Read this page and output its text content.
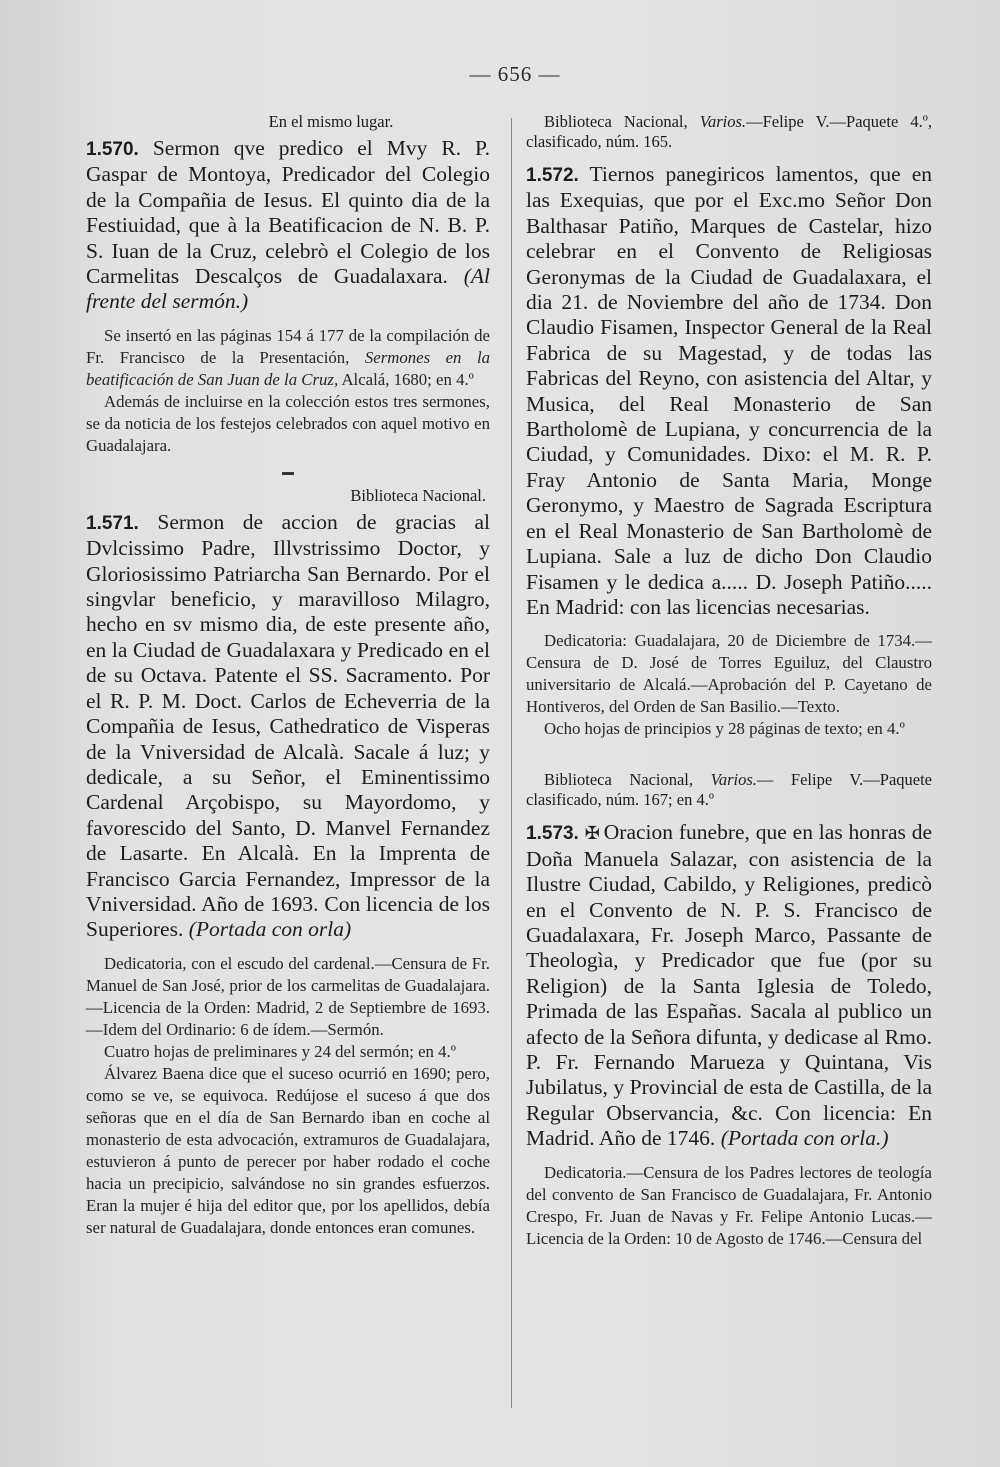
— 656 —

En el mismo lugar.

1.570. Sermon qve predico el Mvy R. P. Gaspar de Montoya, Predicador del Colegio de la Compañia de Iesus. El quinto dia de la Festiuidad, que à la Beatificacion de N. B. P. S. Iuan de la Cruz, celebrò el Colegio de los Carmelitas Descalços de Guadalaxara. (Al frente del sermón.)

Se insertó en las páginas 154 á 177 de la compilación de Fr. Francisco de la Presentación, Sermones en la beatificación de San Juan de la Cruz, Alcalá, 1680; en 4.º

Además de incluirse en la colección estos tres sermones, se da noticia de los festejos celebrados con aquel motivo en Guadalajara.

Biblioteca Nacional.

1.571. Sermon de accion de gracias al Dvlcissimo Padre, Illvstrissimo Doctor, y Gloriosissimo Patriarcha San Bernardo. Por el singvlar beneficio, y maravilloso Milagro, hecho en sv mismo dia, de este presente año, en la Ciudad de Guadalaxara y Predicado en el de su Octava. Patente el SS. Sacramento. Por el R. P. M. Doct. Carlos de Echeverria de la Compañia de Iesus, Cathedratico de Visperas de la Vniversidad de Alcalà. Sacale á luz; y dedicale, a su Señor, el Eminentissimo Cardenal Arçobispo, su Mayordomo, y favorescido del Santo, D. Manvel Fernandez de Lasarte. En Alcalà. En la Imprenta de Francisco Garcia Fernandez, Impressor de la Vniversidad. Año de 1693. Con licencia de los Superiores. (Portada con orla)

Dedicatoria, con el escudo del cardenal.—Censura de Fr. Manuel de San José, prior de los carmelitas de Guadalajara.—Licencia de la Orden: Madrid, 2 de Septiembre de 1693.—Idem del Ordinario: 6 de ídem.—Sermón.

Cuatro hojas de preliminares y 24 del sermón; en 4.º

Álvarez Baena dice que el suceso ocurrió en 1690; pero, como se ve, se equivoca. Redújose el suceso á que dos señoras que en el día de San Bernardo iban en coche al monasterio de esta advocación, extramuros de Guadalajara, estuvieron á punto de perecer por haber rodado el coche hacia un precipicio, salvándose no sin grandes esfuerzos. Eran la mujer é hija del editor que, por los apellidos, debía ser natural de Guadalajara, donde entonces eran comunes.

Biblioteca Nacional, Varios.—Felipe V.—Paquete 4.º, clasificado, núm. 165.

1.572. Tiernos panegiricos lamentos, que en las Exequias, que por el Exc.mo Señor Don Balthasar Patiño, Marques de Castelar, hizo celebrar en el Convento de Religiosas Geronymas de la Ciudad de Guadalaxara, el dia 21. de Noviembre del año de 1734. Don Claudio Fisamen, Inspector General de la Real Fabrica de su Magestad, y de todas las Fabricas del Reyno, con asistencia del Altar, y Musica, del Real Monasterio de San Bartholomè de Lupiana, y concurrencia de la Ciudad, y Comunidades. Dixo: el M. R. P. Fray Antonio de Santa Maria, Monge Geronymo, y Maestro de Sagrada Escriptura en el Real Monasterio de San Bartholomè de Lupiana. Sale a luz de dicho Don Claudio Fisamen y le dedica a..... D. Joseph Patiño..... En Madrid: con las licencias necesarias.

Dedicatoria: Guadalajara, 20 de Diciembre de 1734.—Censura de D. José de Torres Eguiluz, del Claustro universitario de Alcalá.—Aprobación del P. Cayetano de Hontiveros, del Orden de San Basilio.—Texto.

Ocho hojas de principios y 28 páginas de texto; en 4.º

Biblioteca Nacional, Varios.— Felipe V.—Paquete clasificado, núm. 167; en 4.º

1.573. ✠ Oracion funebre, que en las honras de Doña Manuela Salazar, con asistencia de la Ilustre Ciudad, Cabildo, y Religiones, predicò en el Convento de N. P. S. Francisco de Guadalaxara, Fr. Joseph Marco, Passante de Theologìa, y Predicador que fue (por su Religion) de la Santa Iglesia de Toledo, Primada de las Españas. Sacala al publico un afecto de la Señora difunta, y dedicase al Rmo. P. Fr. Fernando Marueza y Quintana, Vis Jubilatus, y Provincial de esta de Castilla, de la Regular Observancia, &c. Con licencia: En Madrid. Año de 1746. (Portada con orla.)

Dedicatoria.—Censura de los Padres lectores de teología del convento de San Francisco de Guadalajara, Fr. Antonio Crespo, Fr. Juan de Navas y Fr. Felipe Antonio Lucas.—Licencia de la Orden: 10 de Agosto de 1746.—Censura del
